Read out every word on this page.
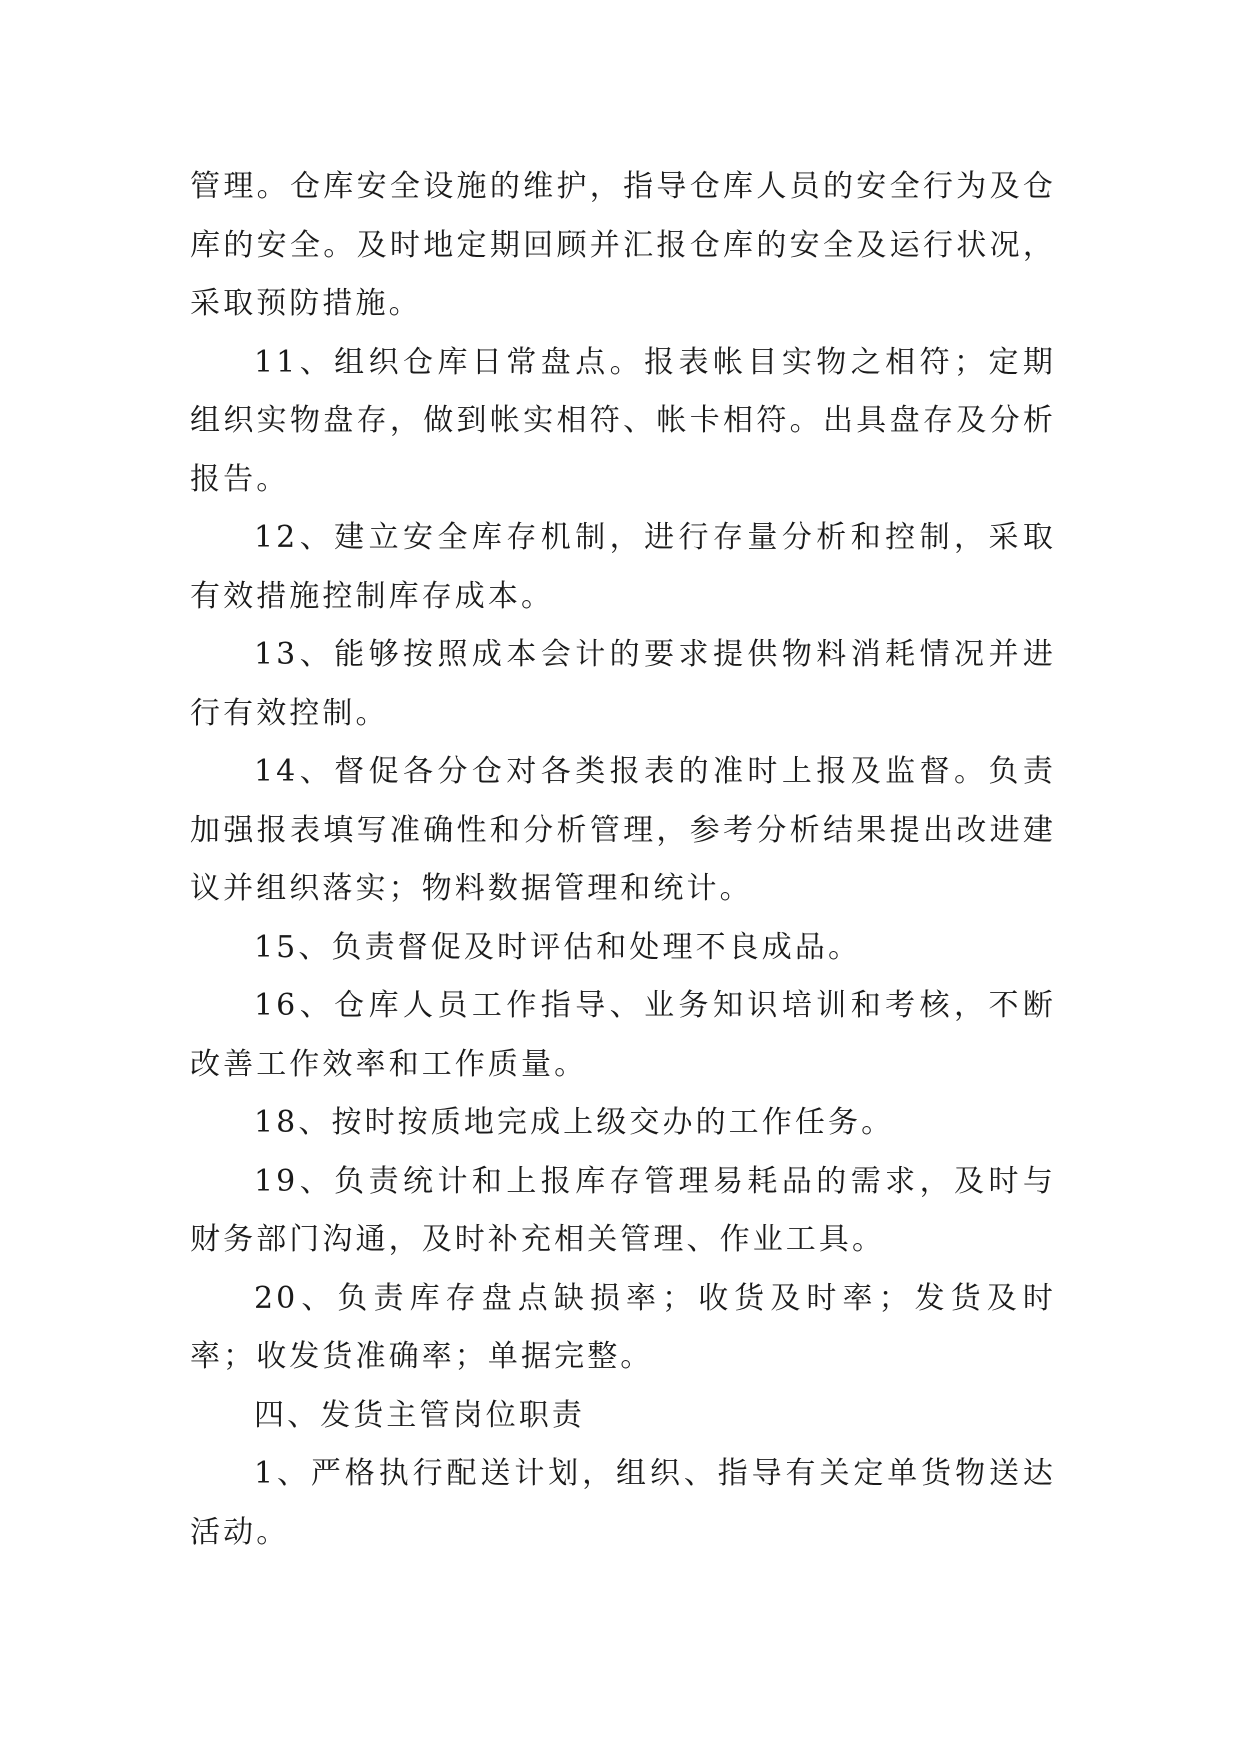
管理。仓库安全设施的维护，指导仓库人员的安全行为及仓库的安全。及时地定期回顾并汇报仓库的安全及运行状况，采取预防措施。

11、组织仓库日常盘点。报表帐目实物之相符；定期组织实物盘存，做到帐实相符、帐卡相符。出具盘存及分析报告。

12、建立安全库存机制，进行存量分析和控制，采取有效措施控制库存成本。

13、能够按照成本会计的要求提供物料消耗情况并进行有效控制。

14、督促各分仓对各类报表的准时上报及监督。负责加强报表填写准确性和分析管理，参考分析结果提出改进建议并组织落实；物料数据管理和统计。

15、负责督促及时评估和处理不良成品。

16、仓库人员工作指导、业务知识培训和考核，不断改善工作效率和工作质量。

18、按时按质地完成上级交办的工作任务。

19、负责统计和上报库存管理易耗品的需求，及时与财务部门沟通，及时补充相关管理、作业工具。

20、负责库存盘点缺损率；收货及时率；发货及时率；收发货准确率；单据完整。

四、发货主管岗位职责

1、严格执行配送计划，组织、指导有关定单货物送达活动。
